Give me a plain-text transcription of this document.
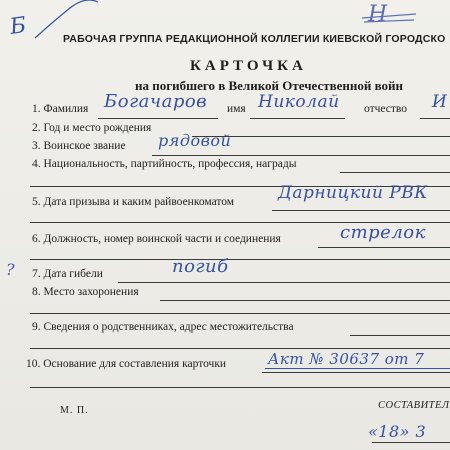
Б	Н
РАБОЧАЯ ГРУППА РЕДАКЦИОННОЙ КОЛЛЕГИИ КИЕВСКОЙ ГОРОДСКО
КАРТОЧКА
на погибшего в Великой Отечественной войн
1. Фамилия Богачаров имя Николай отчество И
2. Год и место рождения
3. Воинское звание рядовой
4. Национальность, партийность, профессия, награды
5. Дата призыва и каким райвоенкоматом	Дарницкий РВК
6. Должность, номер воинской части и соединения	стрелок
? 7. Дата гибели	погиб
8. Место захоронения
9. Сведения о родственниках, адрес местожительства
10. Основание для составления карточки	Акт № 30637 от 7
М. П.	СОСТАВИТЕЛ
«18» 3
